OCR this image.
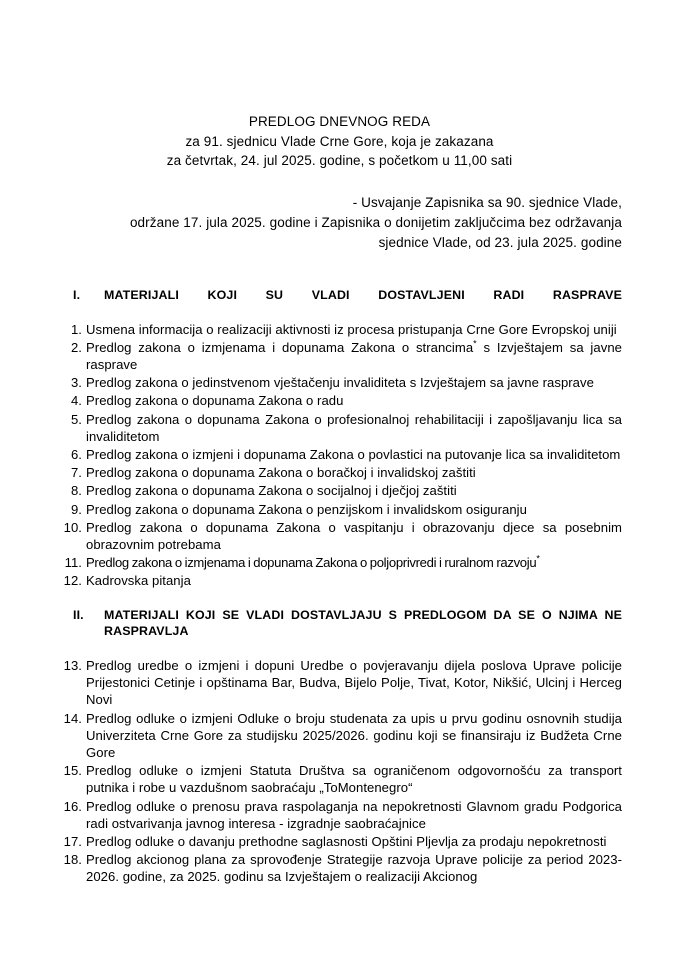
PREDLOG DNEVNOG REDA
za 91. sjednicu Vlade Crne Gore, koja je zakazana
za četvrtak, 24. jul 2025. godine, s početkom u 11,00 sati
- Usvajanje Zapisnika sa 90. sjednice Vlade,
održane 17. jula 2025. godine i Zapisnika o donijetim zaključcima bez održavanja
sjednice Vlade, od 23. jula 2025. godine
I.	MATERIJALI KOJI SU VLADI DOSTAVLJENI RADI RASPRAVE
1. Usmena informacija o realizaciji aktivnosti iz procesa pristupanja Crne Gore Evropskoj uniji
2. Predlog zakona o izmjenama i dopunama Zakona o strancima* s Izvještajem sa javne rasprave
3. Predlog zakona o jedinstvenom vještačenju invaliditeta s Izvještajem sa javne rasprave
4. Predlog zakona o dopunama Zakona o radu
5. Predlog zakona o dopunama Zakona o profesionalnoj rehabilitaciji i zapošljavanju lica sa invaliditetom
6. Predlog zakona o izmjeni i dopunama Zakona o povlastici na putovanje lica sa invaliditetom
7. Predlog zakona o dopunama Zakona o boračkoj i invalidskoj zaštiti
8. Predlog zakona o dopunama Zakona o socijalnoj i dječjoj zaštiti
9. Predlog zakona o dopunama Zakona o penzijskom i invalidskom osiguranju
10. Predlog zakona o dopunama Zakona o vaspitanju i obrazovanju djece sa posebnim obrazovnim potrebama
11. Predlog zakona o izmjenama i dopunama Zakona o poljoprivredi i ruralnom razvoju*
12. Kadrovska pitanja
II.	MATERIJALI KOJI SE VLADI DOSTAVLJAJU S PREDLOGOM DA SE O NJIMA NE RASPRAVLJA
13. Predlog uredbe o izmjeni i dopuni Uredbe o povjeravanju dijela poslova Uprave policije Prijestonici Cetinje i opštinama Bar, Budva, Bijelo Polje, Tivat, Kotor, Nikšić, Ulcinj i Herceg Novi
14. Predlog odluke o izmjeni Odluke o broju studenata za upis u prvu godinu osnovnih studija Univerziteta Crne Gore za studijsku 2025/2026. godinu koji se finansiraju iz Budžeta Crne Gore
15. Predlog odluke o izmjeni Statuta Društva sa ograničenom odgovornošću za transport putnika i robe u vazdušnom saobraćaju „ToMontenegro“
16. Predlog odluke o prenosu prava raspolaganja na nepokretnosti Glavnom gradu Podgorica radi ostvarivanja javnog interesa - izgradnje saobraćajnice
17. Predlog odluke o davanju prethodne saglasnosti Opštini Pljevlja za prodaju nepokretnosti
18. Predlog akcionog plana za sprovođenje Strategije razvoja Uprave policije za period 2023-2026. godine, za 2025. godinu sa Izvještajem o realizaciji Akcionog
